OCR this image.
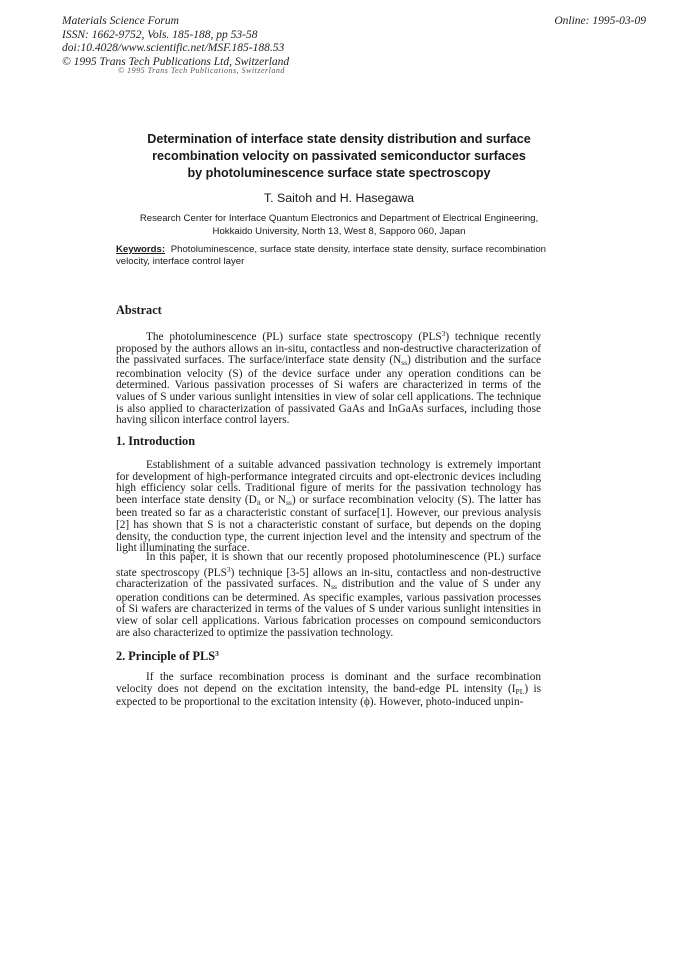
Materials Science Forum
ISSN: 1662-9752, Vols. 185-188, pp 53-58
doi:10.4028/www.scientific.net/MSF.185-188.53
© 1995 Trans Tech Publications Ltd, Switzerland
Online: 1995-03-09
© 1995 Trans Tech Publications, Switzerland
Determination of interface state density distribution and surface
recombination velocity on passivated semiconductor surfaces
by photoluminescence surface state spectroscopy
T. Saitoh and H. Hasegawa
Research Center for Interface Quantum Electronics and Department of Electrical Engineering,
Hokkaido University, North 13, West 8, Sapporo 060, Japan
Keywords: Photoluminescence, surface state density, interface state density, surface recombination velocity, interface control layer
Abstract

The photoluminescence (PL) surface state spectroscopy (PLS$^3$) technique recently proposed by the authors allows an in-situ, contactless and non-destructive characterization of the passivated surfaces. The surface/interface state density $(N_{ss})$ distribution and the surface recombination velocity (S) of the device surface under any operation conditions can be determined. Various passivation processes of Si wafers are characterized in terms of the values of S under various sunlight intensities in view of solar cell applications. The technique is also applied to characterization of passivated GaAs and InGaAs surfaces, including those having silicon interface control layers.

1. Introduction

Establishment of a suitable advanced passivation technology is extremely important for development of high-performance integrated circuits and opt-electronic devices including high efficiency solar cells. Traditional figure of merits for the passivation technology has been interface state density ($D_{it}$ or $N_{ss}$) or surface recombination velocity (S). The latter has been treated so far as a characteristic constant of surface[1]. However, our previous analysis [2] has shown that S is not a characteristic constant of surface, but depends on the doping density, the conduction type, the current injection level and the intensity and spectrum of the light illuminating the surface.

In this paper, it is shown that our recently proposed photoluminescence (PL) surface state spectroscopy (PLS$^3$) technique [3-5] allows an in-situ, contactless and non-destructive characterization of the passivated surfaces. $N_{ss}$ distribution and the value of S under any operation conditions can be determined. As specific examples, various passivation processes of Si wafers are characterized in terms of the values of S under various sunlight intensities in view of solar cell applications. Various fabrication processes on compound semiconductors are also characterized to optimize the passivation technology.

2. Principle of PLS$^3$

If the surface recombination process is dominant and the surface recombination velocity does not depend on the excitation intensity, the band-edge PL intensity $(I_{PL})$ is expected to be proportional to the excitation intensity (ϕ). However, photo-induced unpin-
